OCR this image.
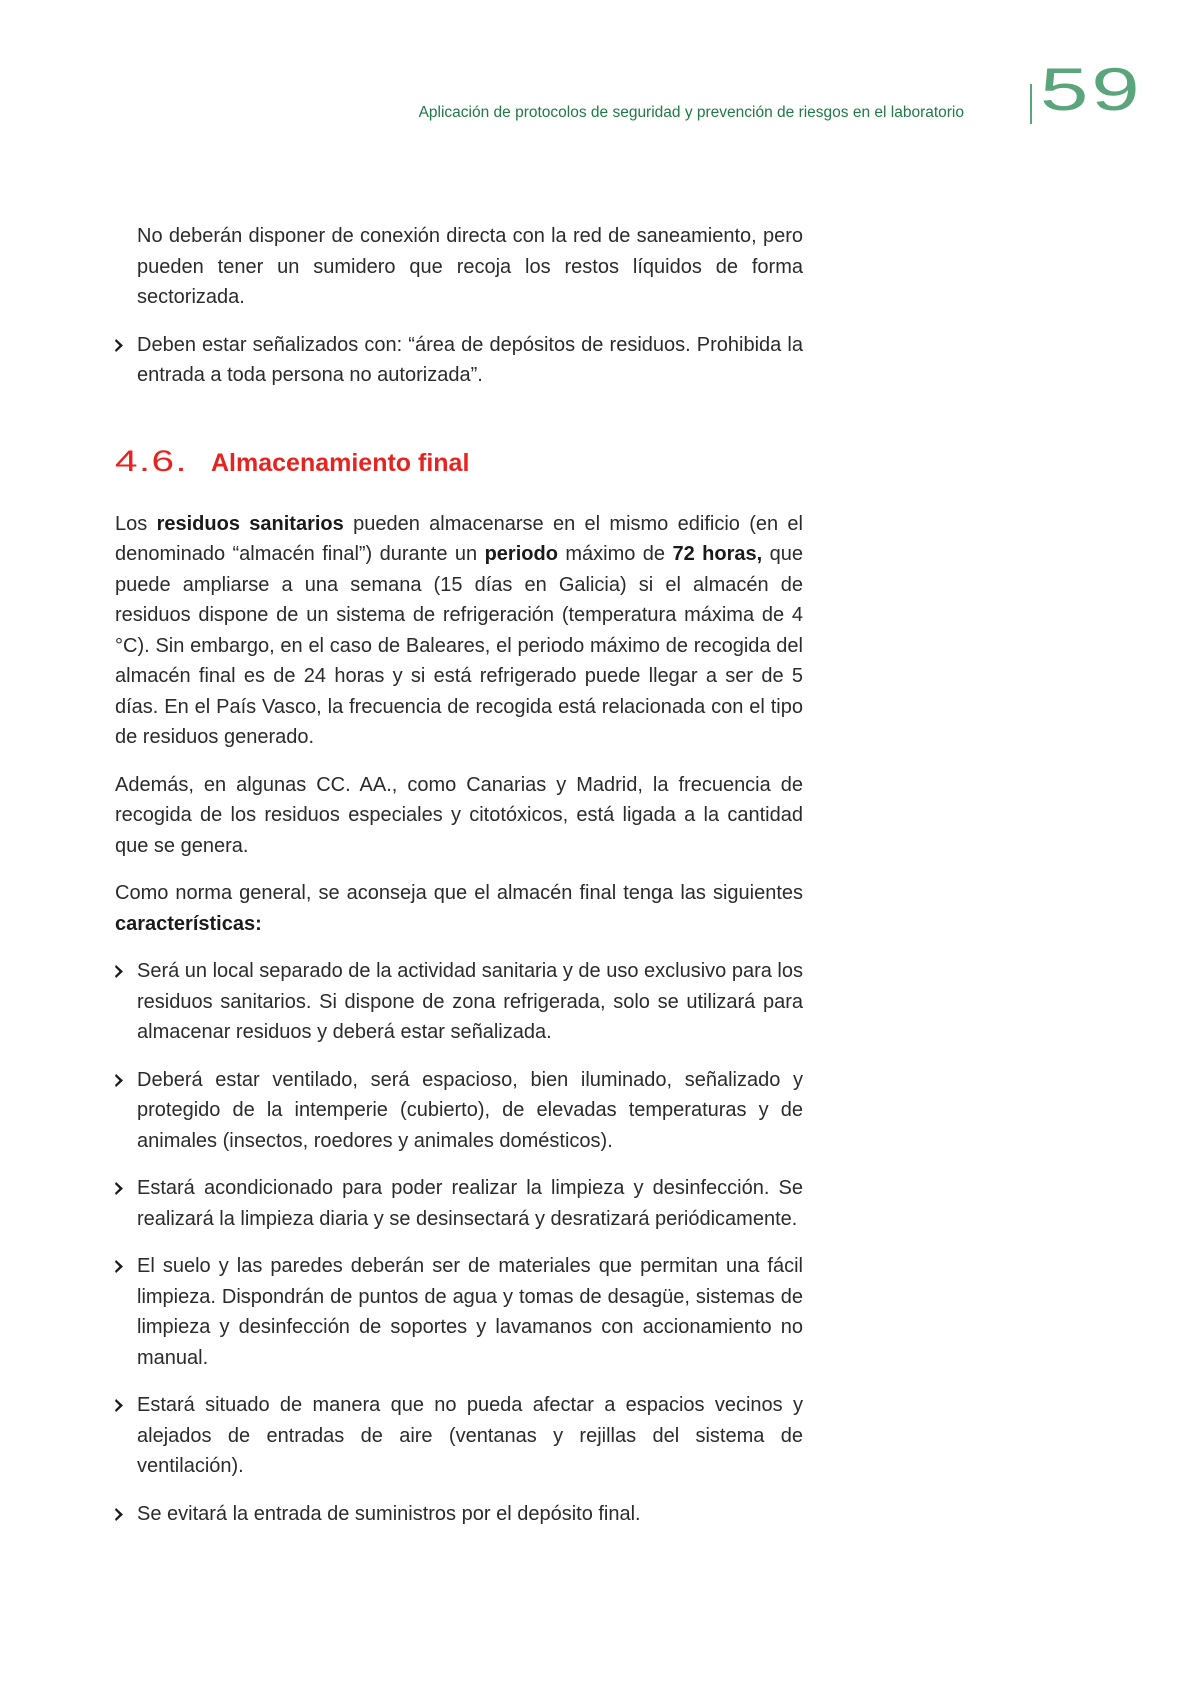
Aplicación de protocolos de seguridad y prevención de riesgos en el laboratorio 59

No deberán disponer de conexión directa con la red de saneamiento, pero pueden tener un sumidero que recoja los restos líquidos de forma sectorizada.

Deben estar señalizados con: “área de depósitos de residuos. Prohibida la entrada a toda persona no autorizada”.

4.6. Almacenamiento final

Los residuos sanitarios pueden almacenarse en el mismo edificio (en el denominado “almacén final”) durante un periodo máximo de 72 horas, que puede ampliarse a una semana (15 días en Galicia) si el almacén de residuos dispone de un sistema de refrigeración (temperatura máxima de 4 °C). Sin embargo, en el caso de Baleares, el periodo máximo de recogida del almacén final es de 24 horas y si está refrigerado puede llegar a ser de 5 días. En el País Vasco, la frecuencia de recogida está relacionada con el tipo de residuos generado.

Además, en algunas CC. AA., como Canarias y Madrid, la frecuencia de recogida de los residuos especiales y citotóxicos, está ligada a la cantidad que se genera.

Como norma general, se aconseja que el almacén final tenga las siguientes características:

Será un local separado de la actividad sanitaria y de uso exclusivo para los residuos sanitarios. Si dispone de zona refrigerada, solo se utilizará para almacenar residuos y deberá estar señalizada.

Deberá estar ventilado, será espacioso, bien iluminado, señalizado y protegido de la intemperie (cubierto), de elevadas temperaturas y de animales (insectos, roedores y animales domésticos).

Estará acondicionado para poder realizar la limpieza y desinfección. Se realizará la limpieza diaria y se desinsectará y desratizará periódicamente.

El suelo y las paredes deberán ser de materiales que permitan una fácil limpieza. Dispondrán de puntos de agua y tomas de desagüe, sistemas de limpieza y desinfección de soportes y lavamanos con accionamiento no manual.

Estará situado de manera que no pueda afectar a espacios vecinos y alejados de entradas de aire (ventanas y rejillas del sistema de ventilación).

Se evitará la entrada de suministros por el depósito final.
